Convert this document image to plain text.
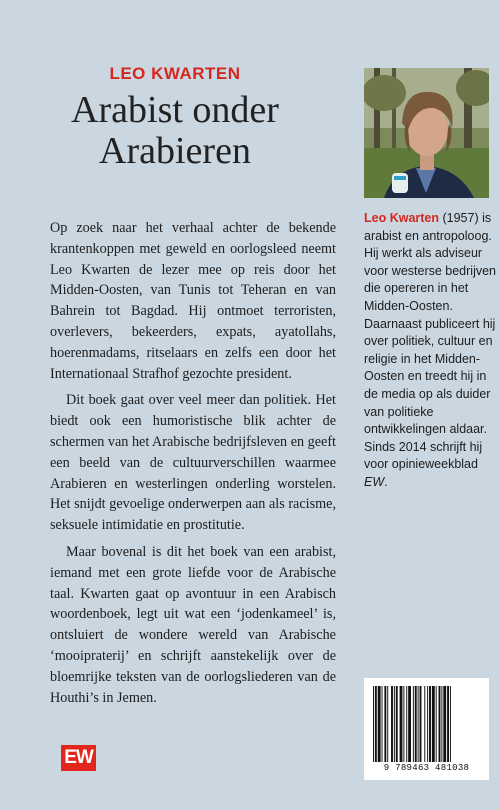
LEO KWARTEN
Arabist onder
Arabieren

Op zoek naar het verhaal achter de bekende krantenkoppen met geweld en oorlogsleed neemt Leo Kwarten de lezer mee op reis door het Midden-Oosten, van Tunis tot Teheran en van Bahrein tot Bagdad. Hij ontmoet terroristen, overlevers, bekeerders, expats, ayatollahs, hoerenmadams, ritselaars en zelfs een door het Internationaal Strafhof gezochte president.

Dit boek gaat over veel meer dan politiek. Het biedt ook een humoristische blik achter de schermen van het Arabische bedrijfsleven en geeft een beeld van de cultuurverschillen waarmee Arabieren en westerlingen onderling worstelen. Het snijdt gevoelige onderwerpen aan als racisme, seksuele intimidatie en prostitutie.

Maar bovenal is dit het boek van een arabist, iemand met een grote liefde voor de Arabische taal. Kwarten gaat op avontuur in een Arabisch woordenboek, legt uit wat een ‘jodenkameel’ is, ontsluiert de wondere wereld van Arabische ‘mooipraterij’ en schrijft aanstekelijk over de bloemrijke teksten van de oorlogsliederen van de Houthi’s in Jemen.

Leo Kwarten (1957) is arabist en antropoloog. Hij werkt als adviseur voor westerse bedrijven die opereren in het Midden-Oosten. Daarnaast publiceert hij over politiek, cultuur en religie in het Midden-Oosten en treedt hij in de media op als duider van politieke ontwikkelingen aldaar. Sinds 2014 schrijft hij voor opinieweekblad EW.
EW	9 789463 481038
